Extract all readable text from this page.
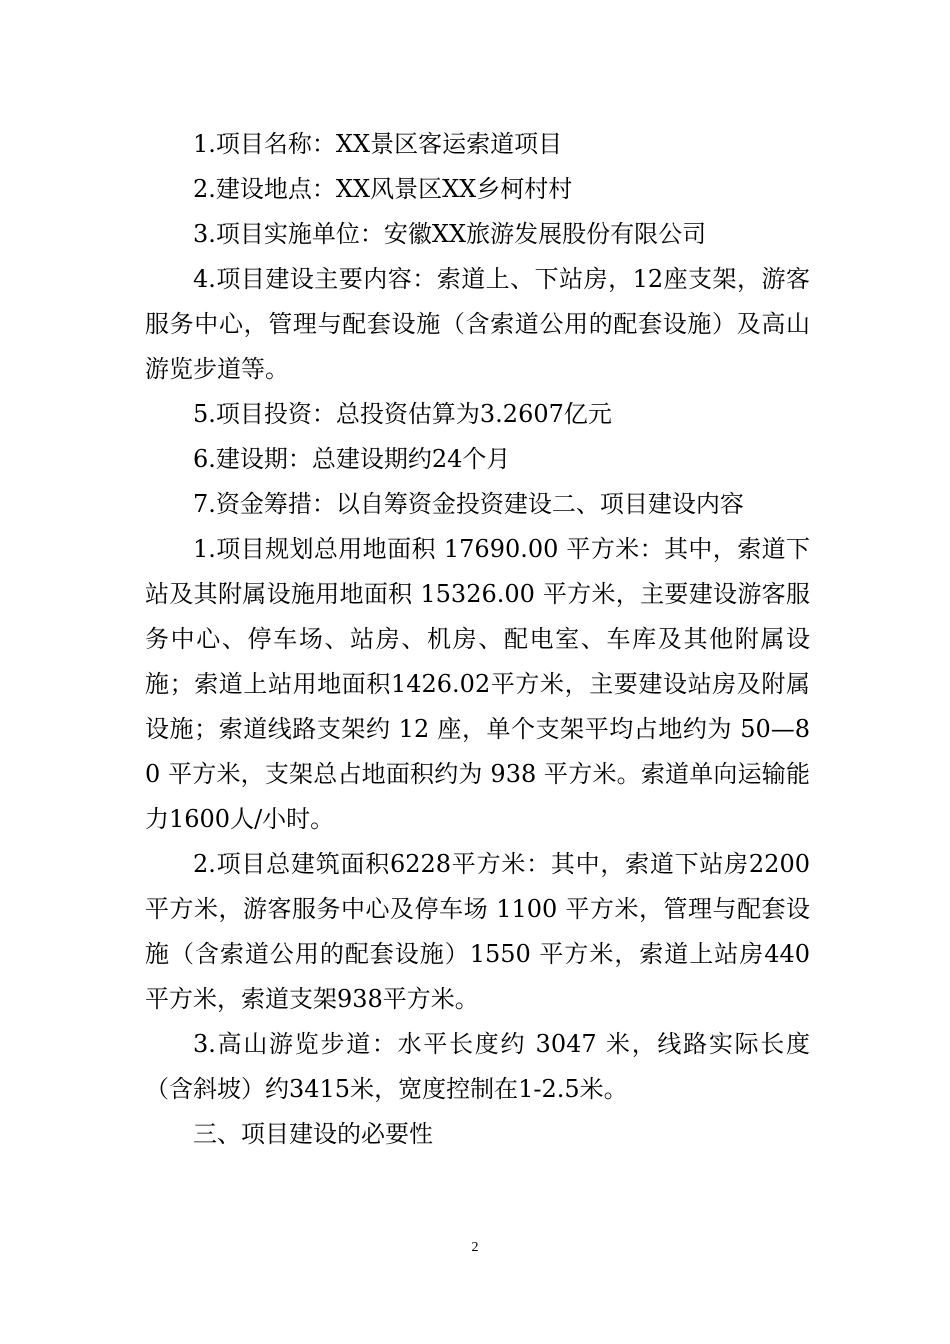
1.项目名称：XX景区客运索道项目

2.建设地点：XX风景区XX乡柯村村

3.项目实施单位：安徽XX旅游发展股份有限公司

4.项目建设主要内容：索道上、下站房，12座支架，游客服务中心，管理与配套设施（含索道公用的配套设施）及高山游览步道等。

5.项目投资：总投资估算为3.2607亿元

6.建设期：总建设期约24个月

7.资金筹措：以自筹资金投资建设二、项目建设内容

1.项目规划总用地面积 17690.00 平方米：其中，索道下站及其附属设施用地面积 15326.00 平方米，主要建设游客服务中心、停车场、站房、机房、配电室、车库及其他附属设施；索道上站用地面积1426.02平方米，主要建设站房及附属设施；索道线路支架约 12 座，单个支架平均占地约为 50—80 平方米，支架总占地面积约为 938 平方米。索道单向运输能力1600人/小时。

2.项目总建筑面积6228平方米：其中，索道下站房2200 平方米，游客服务中心及停车场 1100 平方米，管理与配套设施（含索道公用的配套设施）1550 平方米，索道上站房440平方米，索道支架938平方米。

3.高山游览步道：水平长度约 3047 米，线路实际长度（含斜坡）约3415米，宽度控制在1-2.5米。

三、项目建设的必要性

2
